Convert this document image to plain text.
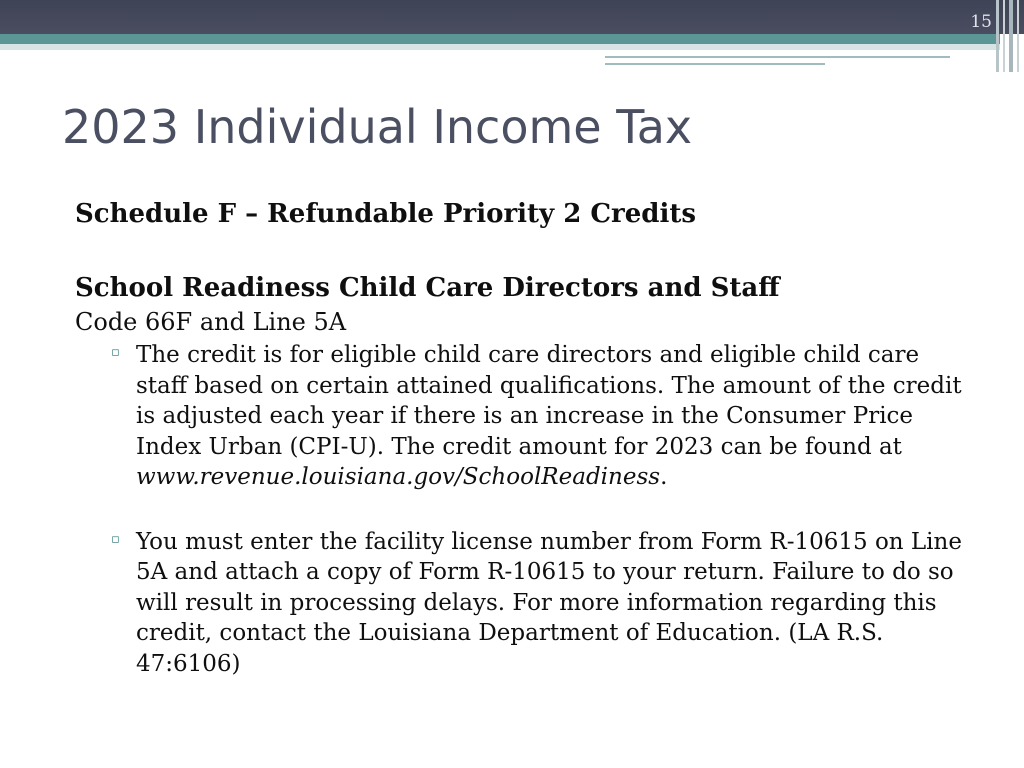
15
2023 Individual Income Tax

Schedule F – Refundable Priority 2 Credits

School Readiness Child Care Directors and Staff

Code 66F and Line 5A

▫ The credit is for eligible child care directors and eligible child care staff based on certain attained qualifications. The amount of the credit is adjusted each year if there is an increase in the Consumer Price Index Urban (CPI-U). The credit amount for 2023 can be found at www.revenue.louisiana.gov/SchoolReadiness.
▫ You must enter the facility license number from Form R-10615 on Line 5A and attach a copy of Form R-10615 to your return. Failure to do so will result in processing delays. For more information regarding this credit, contact the Louisiana Department of Education. (LA R.S. 47:6106)
